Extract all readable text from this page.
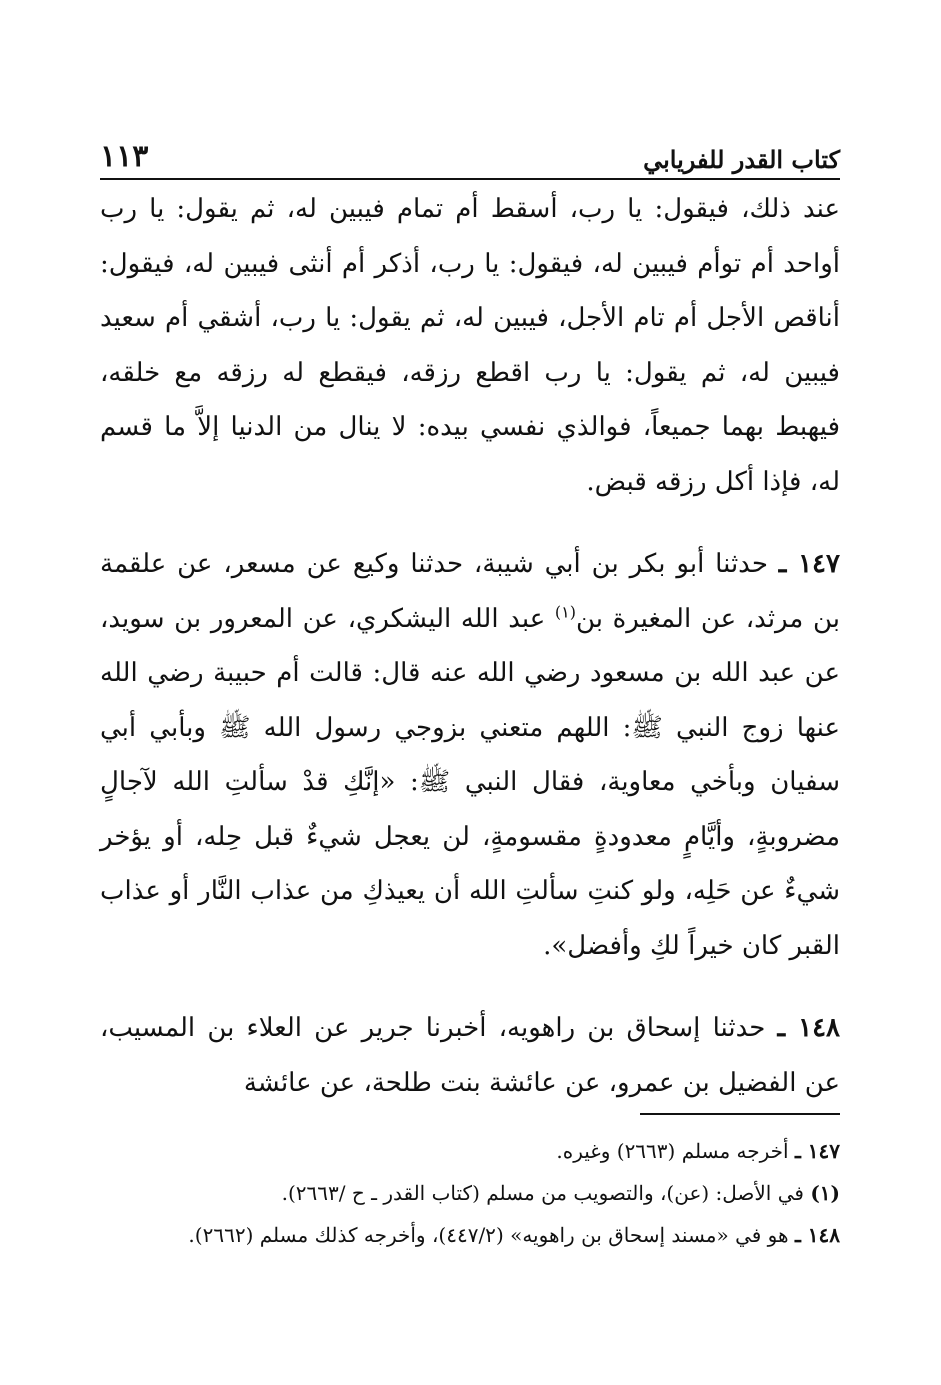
كتاب القدر للفريابي
١١٣

عند ذلك، فيقول: يا رب، أسقط أم تمام فيبين له، ثم يقول: يا رب أواحد أم توأم فيبين له، فيقول: يا رب، أذكر أم أنثى فيبين له، فيقول: أناقص الأجل أم تام الأجل، فيبين له، ثم يقول: يا رب، أشقي أم سعيد فيبين له، ثم يقول: يا رب اقطع رزقه، فيقطع له رزقه مع خلقه، فيهبط بهما جميعاً، فوالذي نفسي بيده: لا ينال من الدنيا إلاَّ ما قسم له، فإذا أكل رزقه قبض.

١٤٧ ـ حدثنا أبو بكر بن أبي شيبة، حدثنا وكيع عن مسعر، عن علقمة بن مرثد، عن المغيرة بن$^{(١)}$ عبد الله اليشكري، عن المعرور بن سويد، عن عبد الله بن مسعود رضي الله عنه قال: قالت أم حبيبة رضي الله عنها زوج النبي ﷺ: اللهم متعني بزوجي رسول الله ﷺ وبأبي أبي سفيان وبأخي معاوية، فقال النبي ﷺ: «إنَّكِ قدْ سألتِ الله لآجالٍ مضروبةٍ، وأيَّامٍ معدودةٍ مقسومةٍ، لن يعجل شيءٌ قبل حِله، أو يؤخر شيءٌ عن حَلِه، ولو كنتِ سألتِ الله أن يعيذكِ من عذاب النَّار أو عذاب القبر كان خيراً لكِ وأفضل».

١٤٨ ـ حدثنا إسحاق بن راهويه، أخبرنا جرير عن العلاء بن المسيب، عن الفضيل بن عمرو، عن عائشة بنت طلحة، عن عائشة

١٤٧ ـ أخرجه مسلم (٢٦٦٣) وغيره.

(١) في الأصل: (عن)، والتصويب من مسلم (كتاب القدر ـ ح /٢٦٦٣).

١٤٨ ـ هو في «مسند إسحاق بن راهويه» (٤٤٧/٢)، وأخرجه كذلك مسلم (٢٦٦٢).
